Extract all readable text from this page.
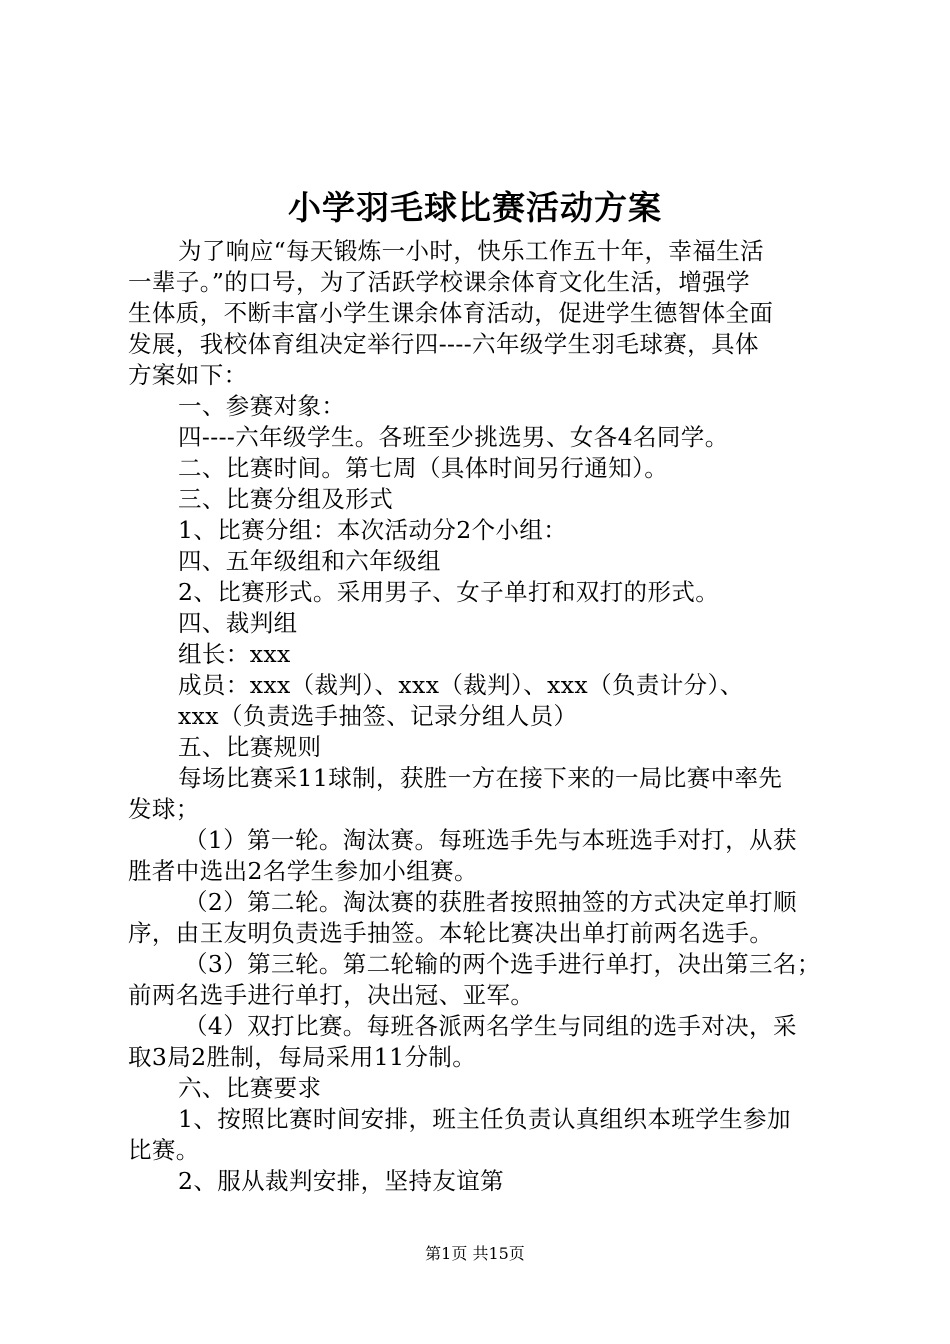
小学羽毛球比赛活动方案
为了响应“每天锻炼一小时，快乐工作五十年，幸福生活
一辈子。”的口号，为了活跃学校课余体育文化生活，增强学
生体质，不断丰富小学生课余体育活动，促进学生德智体全面
发展，我校体育组决定举行四----六年级学生羽毛球赛，具体
方案如下：
一、参赛对象：
四----六年级学生。各班至少挑选男、女各4名同学。
二、比赛时间。第七周（具体时间另行通知）。
三、比赛分组及形式
1、比赛分组：本次活动分2个小组：
四、五年级组和六年级组
2、比赛形式。采用男子、女子单打和双打的形式。
四、裁判组
组长：xxx
成员：xxx（裁判）、xxx（裁判）、xxx（负责计分）、
xxx（负责选手抽签、记录分组人员）
五、比赛规则
每场比赛采11球制，获胜一方在接下来的一局比赛中率先
发球；
（1）第一轮。淘汰赛。每班选手先与本班选手对打，从获
胜者中选出2名学生参加小组赛。
（2）第二轮。淘汰赛的获胜者按照抽签的方式决定单打顺
序，由王友明负责选手抽签。本轮比赛决出单打前两名选手。
（3）第三轮。第二轮输的两个选手进行单打，决出第三名；
前两名选手进行单打，决出冠、亚军。
（4）双打比赛。每班各派两名学生与同组的选手对决，采
取3局2胜制，每局采用11分制。
六、比赛要求
1、按照比赛时间安排，班主任负责认真组织本班学生参加
比赛。
2、服从裁判安排，坚持友谊第
第1页 共15页
